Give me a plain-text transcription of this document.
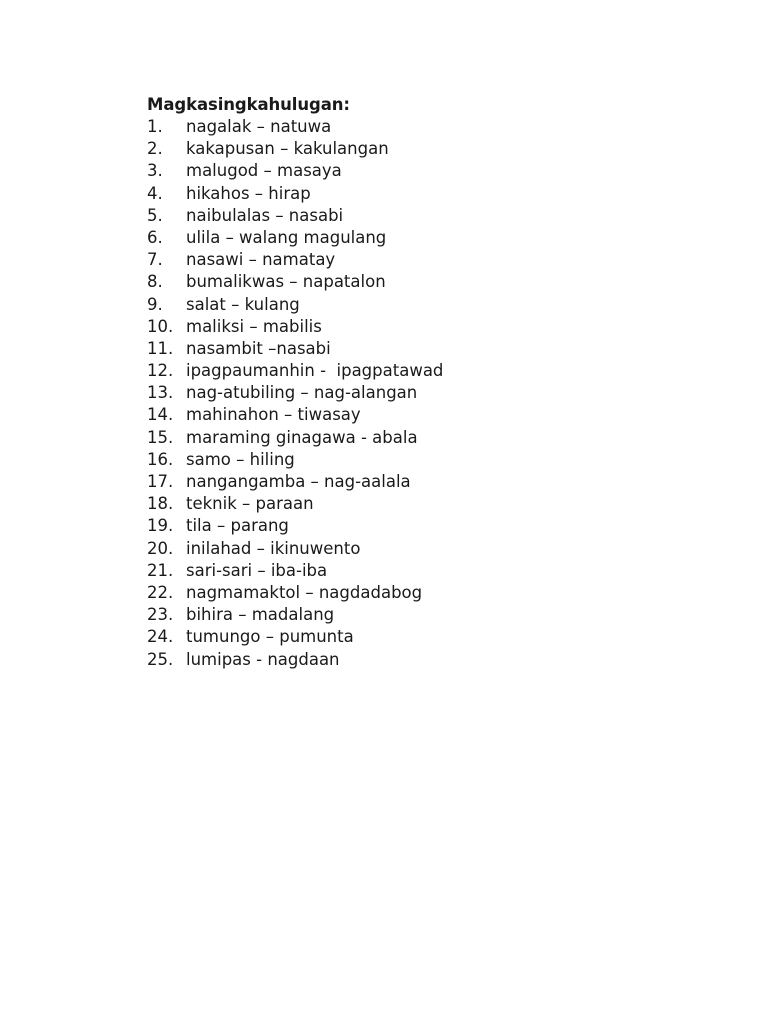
Magkasingkahulugan:
1.	nagalak – natuwa
2.	kakapusan – kakulangan
3.	malugod – masaya
4.	hikahos – hirap
5.	naibulalas – nasabi
6.	ulila – walang magulang
7.	nasawi – namatay
8.	bumalikwas – napatalon
9.	salat – kulang
10. maliksi – mabilis
11. nasambit –nasabi
12. ipagpaumanhin -  ipagpatawad
13. nag-atubiling – nag-alangan
14. mahinahon – tiwasay
15. maraming ginagawa - abala
16. samo – hiling
17. nangangamba – nag-aalala
18. teknik – paraan
19. tila – parang
20. inilahad – ikinuwento
21. sari-sari – iba-iba
22. nagmamaktol – nagdadabog
23. bihira – madalang
24. tumungo – pumunta
25. lumipas - nagdaan
